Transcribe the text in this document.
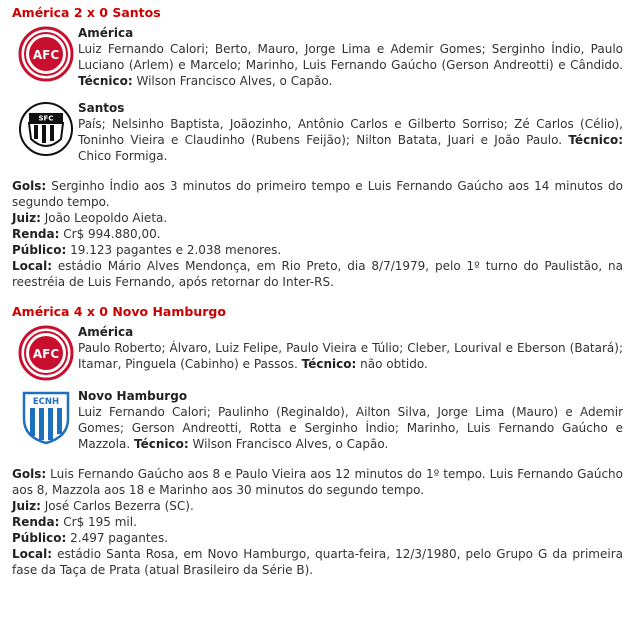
América 2 x 0 Santos
AFC
América

Luiz Fernando Calori; Berto, Mauro, Jorge Lima e Ademir Gomes; Serginho Índio, Paulo Luciano (Arlem) e Marcelo; Marinho, Luis Fernando Gaúcho (Gerson Andreotti) e Cândido. Técnico: Wilson Francisco Alves, o Capão.

SFC
Santos

País; Nelsinho Baptista, Joãozinho, Antônio Carlos e Gilberto Sorriso; Zé Carlos (Célio), Toninho Vieira e Claudinho (Rubens Feijão); Nilton Batata, Juari e João Paulo. Técnico: Chico Formiga.

Gols: Serginho Índio aos 3 minutos do primeiro tempo e Luis Fernando Gaúcho aos 14 minutos do segundo tempo.

Juiz: João Leopoldo Aieta.

Renda: Cr$ 994.880,00.

Público: 19.123 pagantes e 2.038 menores.

Local: estádio Mário Alves Mendonça, em Rio Preto, dia 8/7/1979, pelo 1º turno do Paulistão, na reestréia de Luis Fernando, após retornar do Inter-RS.

América 4 x 0 Novo Hamburgo
AFC
América

Paulo Roberto; Álvaro, Luiz Felipe, Paulo Vieira e Túlio; Cleber, Lourival e Eberson (Batará); Itamar, Pinguela (Cabinho) e Passos. Técnico: não obtido.

ECNH	Novo Hamburgo

Luiz Fernando Calori; Paulinho (Reginaldo), Ailton Silva, Jorge Lima (Mauro) e Ademir Gomes; Gerson Andreotti, Rotta e Serginho Índio; Marinho, Luis Fernando Gaúcho e Mazzola. Técnico: Wilson Francisco Alves, o Capão.

Gols: Luis Fernando Gaúcho aos 8 e Paulo Vieira aos 12 minutos do 1º tempo. Luis Fernando Gaúcho aos 8, Mazzola aos 18 e Marinho aos 30 minutos do segundo tempo.

Juiz: José Carlos Bezerra (SC).

Renda: Cr$ 195 mil.

Público: 2.497 pagantes.

Local: estádio Santa Rosa, em Novo Hamburgo, quarta-feira, 12/3/1980, pelo Grupo G da primeira fase da Taça de Prata (atual Brasileiro da Série B).
